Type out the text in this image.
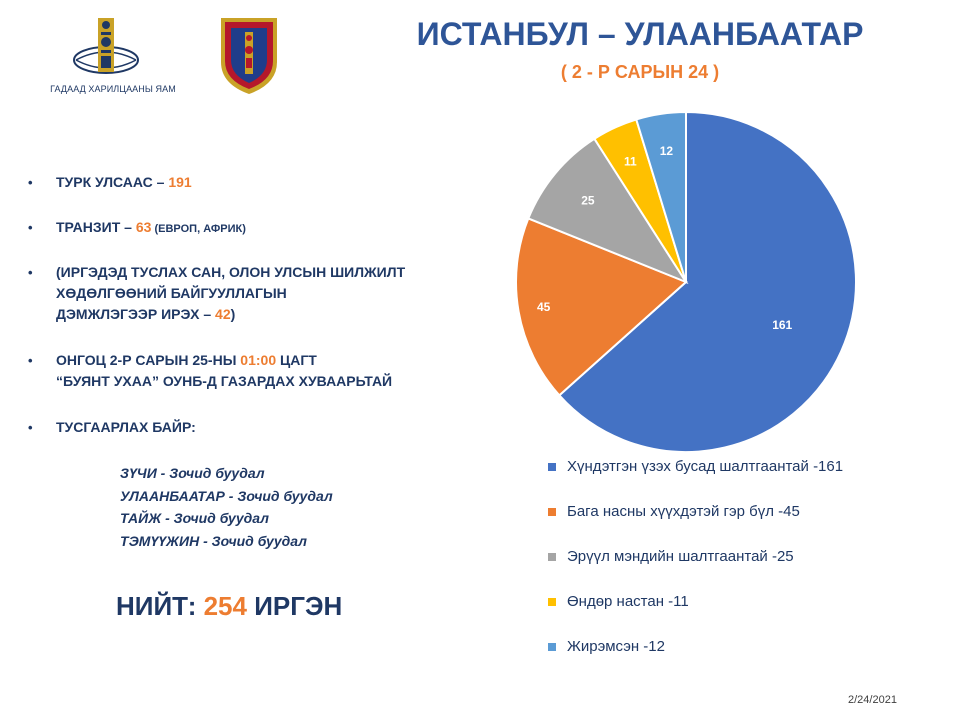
ГАДААД ХАРИЛЦААНЫ ЯАМ
ИСТАНБУЛ – УЛААНБААТАР
( 2 - Р САРЫН 24 )
•	ТУРК УЛСААС – 191
•	ТРАНЗИТ – 63 (ЕВРОП, АФРИК)
•	(ИРГЭДЭД ТУСЛАХ САН, ОЛОН УЛСЫН ШИЛЖИЛТ
ХӨДӨЛГӨӨНИЙ БАЙГУУЛЛАГЫН
ДЭМЖЛЭГЭЭР ИРЭХ – 42)
•	ОНГОЦ 2-Р САРЫН 25-НЫ 01:00 ЦАГТ
“БУЯНТ УХАА” ОУНБ-Д ГАЗАРДАХ ХУВААРЬТАЙ
•	ТУСГААРЛАХ БАЙР:
ЗҮЧИ - Зочид буудал
УЛААНБААТАР - Зочид буудал
ТАЙЖ - Зочид буудал
ТЭМҮҮЖИН - Зочид буудал
НИЙТ: 254 ИРГЭН
161
45
25
11
12
Хүндэтгэн үзэх бусад шалтгаантай -161
Бага насны хүүхдэтэй гэр бүл -45
Эрүүл мэндийн шалтгаантай -25
Өндөр настан -11
Жирэмсэн -12
2/24/2021
